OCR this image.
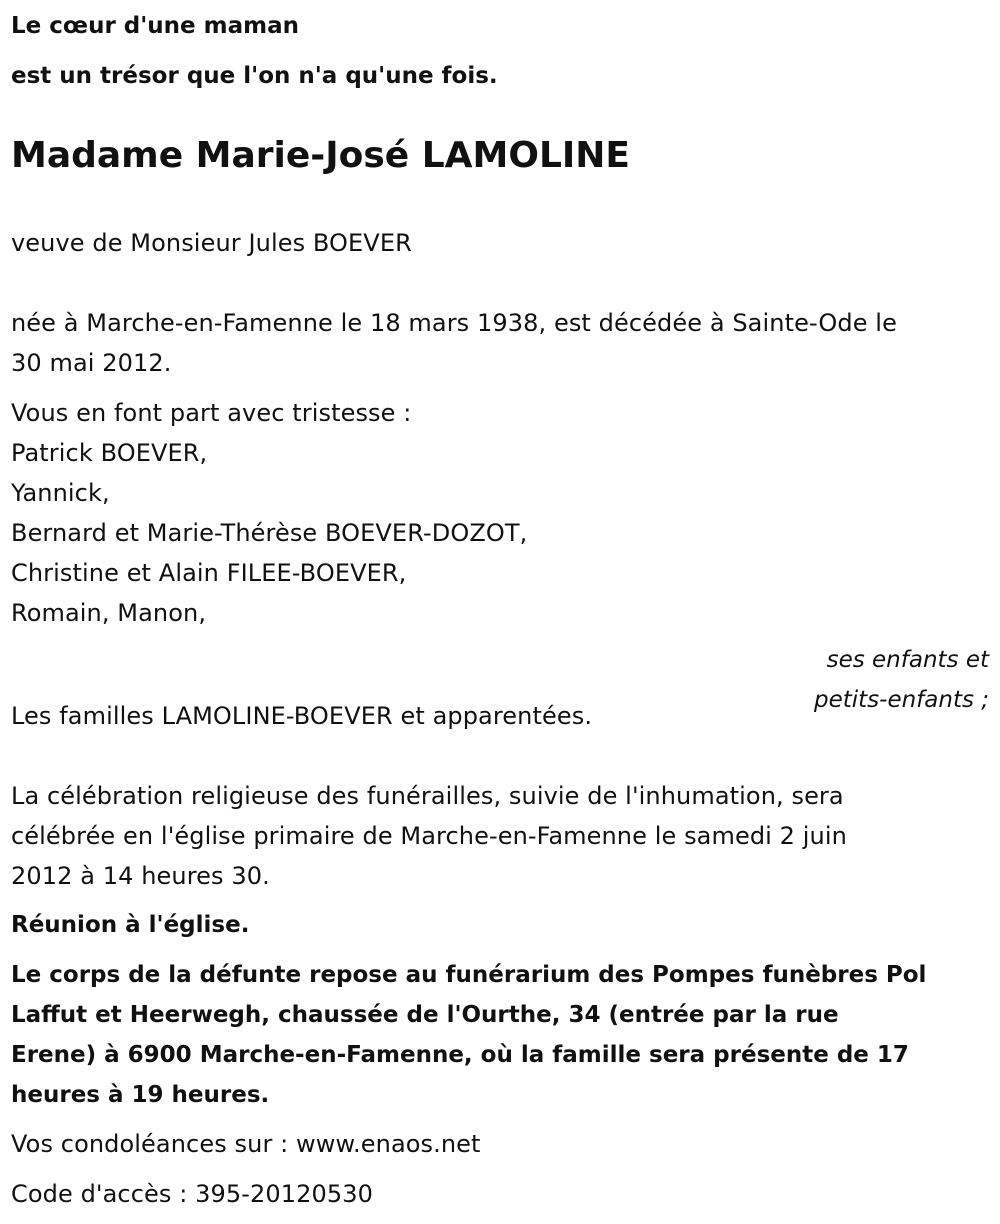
Le cœur d'une maman

est un trésor que l'on n'a qu'une fois.

Madame Marie-José LAMOLINE

veuve de Monsieur Jules BOEVER

née à Marche-en-Famenne le 18 mars 1938, est décédée à Sainte-Ode le

30 mai 2012.

Vous en font part avec tristesse :

Patrick BOEVER,

Yannick,

Bernard et Marie-Thérèse BOEVER-DOZOT,

Christine et Alain FILEE-BOEVER,

Romain, Manon,

ses enfants et

petits-enfants ;

Les familles LAMOLINE-BOEVER et apparentées.

La célébration religieuse des funérailles, suivie de l'inhumation, sera

célébrée en l'église primaire de Marche-en-Famenne le samedi 2 juin

2012 à 14 heures 30.

Réunion à l'église.

Le corps de la défunte repose au funérarium des Pompes funèbres Pol

Laffut et Heerwegh, chaussée de l'Ourthe, 34 (entrée par la rue

Erene) à 6900 Marche-en-Famenne, où la famille sera présente de 17

heures à 19 heures.

Vos condoléances sur : www.enaos.net

Code d'accès : 395-20120530
